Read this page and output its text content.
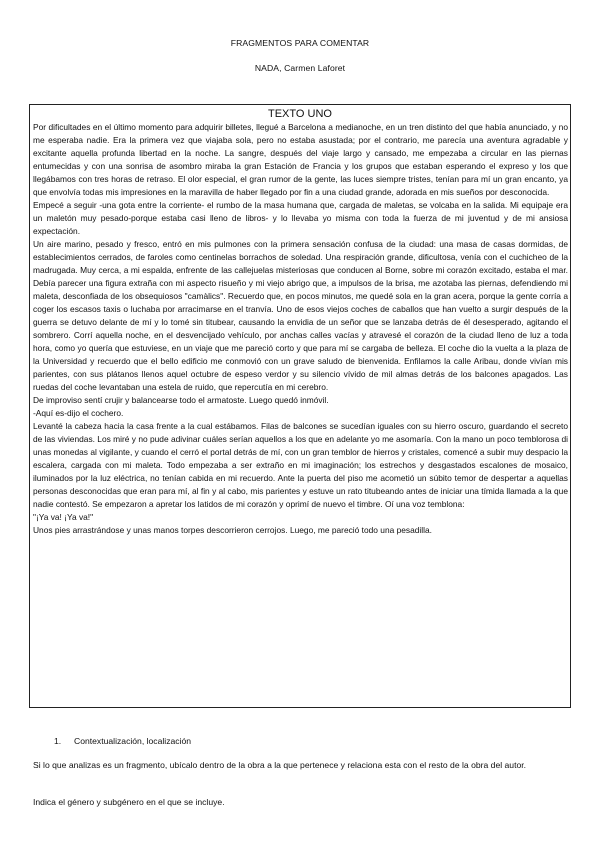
FRAGMENTOS PARA COMENTAR
NADA, Carmen Laforet
TEXTO UNO

Por dificultades en el último momento para adquirir billetes, llegué a Barcelona a medianoche, en un tren distinto del que había anunciado, y no me esperaba nadie. Era la primera vez que viajaba sola, pero no estaba asustada; por el contrario, me parecía una aventura agradable y excitante aquella profunda libertad en la noche. La sangre, después del viaje largo y cansado, me empezaba a circular en las piernas entumecidas y con una sonrisa de asombro miraba la gran Estación de Francia y los grupos que estaban esperando el expreso y los que llegábamos con tres horas de retraso. El olor especial, el gran rumor de la gente, las luces siempre tristes, tenían para mí un gran encanto, ya que envolvía todas mis impresiones en la maravilla de haber llegado por fin a una ciudad grande, adorada en mis sueños por desconocida.

Empecé a seguir -una gota entre la corriente- el rumbo de la masa humana que, cargada de maletas, se volcaba en la salida. Mi equipaje era un maletón muy pesado-porque estaba casi lleno de libros- y lo llevaba yo misma con toda la fuerza de mi juventud y de mi ansiosa expectación.

Un aire marino, pesado y fresco, entró en mis pulmones con la primera sensación confusa de la ciudad: una masa de casas dormidas, de establecimientos cerrados, de faroles como centinelas borrachos de soledad. Una respiración grande, dificultosa, venía con el cuchicheo de la madrugada. Muy cerca, a mi espalda, enfrente de las callejuelas misteriosas que conducen al Borne, sobre mi corazón excitado, estaba el mar. Debía parecer una figura extraña con mi aspecto risueño y mi viejo abrigo que, a impulsos de la brisa, me azotaba las piernas, defendiendo mi maleta, desconfiada de los obsequiosos "camàlics". Recuerdo que, en pocos minutos, me quedé sola en la gran acera, porque la gente corría a coger los escasos taxis o luchaba por arracimarse en el tranvía. Uno de esos viejos coches de caballos que han vuelto a surgir después de la guerra se detuvo delante de mí y lo tomé sin titubear, causando la envidia de un señor que se lanzaba detrás de él desesperado, agitando el sombrero. Corrí aquella noche, en el desvencijado vehículo, por anchas calles vacías y atravesé el corazón de la ciudad lleno de luz a toda hora, como yo quería que estuviese, en un viaje que me pareció corto y que para mí se cargaba de belleza. El coche dio la vuelta a la plaza de la Universidad y recuerdo que el bello edificio me conmovió con un grave saludo de bienvenida. Enfilamos la calle Aribau, donde vivían mis parientes, con sus plátanos llenos aquel octubre de espeso verdor y su silencio vívido de mil almas detrás de los balcones apagados. Las ruedas del coche levantaban una estela de ruido, que repercutía en mi cerebro.

De improviso sentí crujir y balancearse todo el armatoste. Luego quedó inmóvil.

-Aquí es-dijo el cochero.

Levanté la cabeza hacia la casa frente a la cual estábamos. Filas de balcones se sucedían iguales con su hierro oscuro, guardando el secreto de las viviendas. Los miré y no pude adivinar cuáles serían aquellos a los que en adelante yo me asomaría. Con la mano un poco temblorosa di unas monedas al vigilante, y cuando el cerró el portal detrás de mí, con un gran temblor de hierros y cristales, comencé a subir muy despacio la escalera, cargada con mi maleta. Todo empezaba a ser extraño en mi imaginación; los estrechos y desgastados escalones de mosaico, iluminados por la luz eléctrica, no tenían cabida en mi recuerdo. Ante la puerta del piso me acometió un súbito temor de despertar a aquellas personas desconocidas que eran para mí, al fin y al cabo, mis parientes y estuve un rato titubeando antes de iniciar una tímida llamada a la que nadie contestó. Se empezaron a apretar los latidos de mi corazón y oprimí de nuevo el timbre. Oí una voz temblona:

"¡Ya va! ¡Ya va!"

Unos pies arrastrándose y unas manos torpes descorrieron cerrojos. Luego, me pareció todo una pesadilla.

1. Contextualización, localización
Si lo que analizas es un fragmento, ubícalo dentro de la obra a la que pertenece y relaciona esta con el resto de la obra del autor.
Indica el género y subgénero en el que se incluye.
